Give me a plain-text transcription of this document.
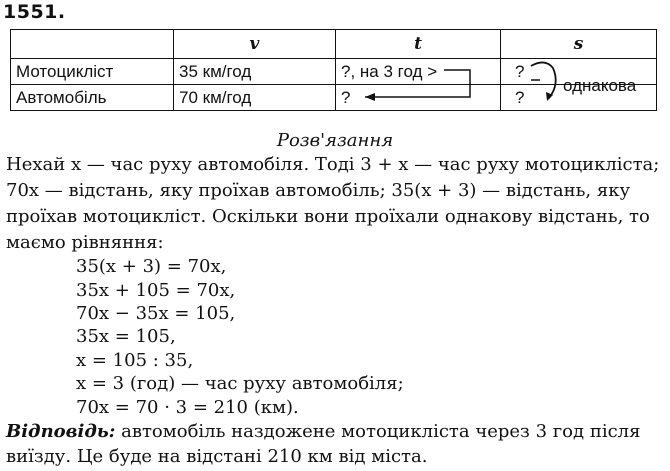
1551.
	v	t	s
Мотоцикліст	35 км/год	?, на 3 год >	?
Автомобіль	70 км/год	?	?
однакова
Розв'язання
Нехай x — час руху автомобіля. Тоді 3 + x — час руху мотоцикліста;
70x — відстань, яку проїхав автомобіль; 35(x + 3) — відстань, яку
проїхав мотоцикліст. Оскільки вони проїхали однакову відстань, то
маємо рівняння:
35(x + 3) = 70x,
35x + 105 = 70x,
70x − 35x = 105,
35x = 105,
x = 105 : 35,
x = 3 (год) — час руху автомобіля;
70x = 70 · 3 = 210 (км).
Відповідь: автомобіль наздожене мотоцикліста через 3 год після
виїзду. Це буде на відстані 210 км від міста.
